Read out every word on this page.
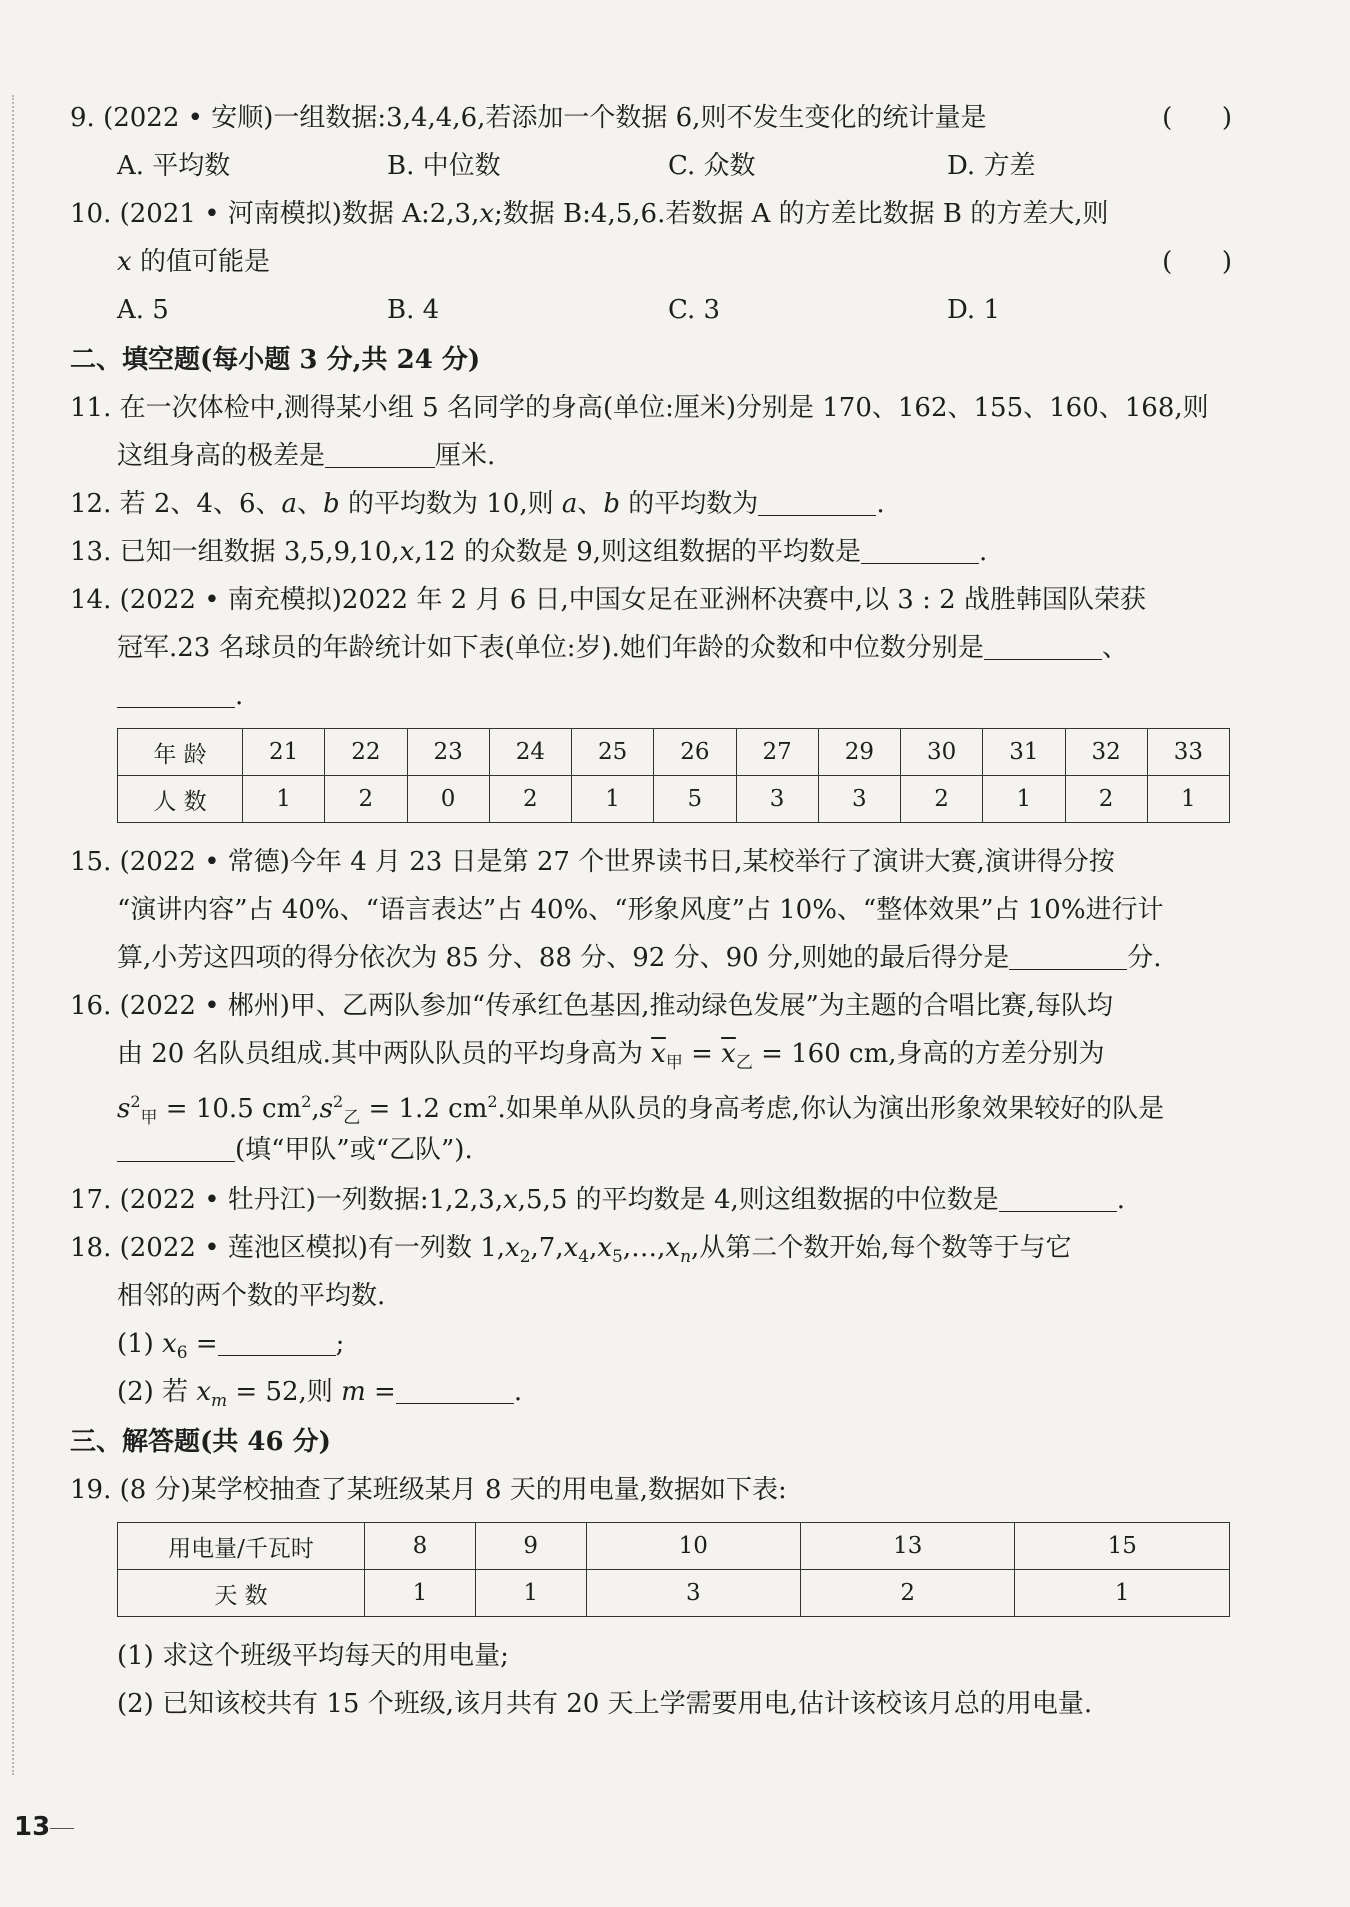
9. (2022 • 安顺)一组数据:3,4,4,6,若添加一个数据 6,则不发生变化的统计量是	(      )
A. 平均数	B. 中位数	C. 众数	D. 方差
10. (2021 • 河南模拟)数据 A:2,3,x;数据 B:4,5,6.若数据 A 的方差比数据 B 的方差大,则
x 的值可能是	(      )
A. 5	B. 4	C. 3	D. 1
二、填空题(每小题 3 分,共 24 分)
11. 在一次体检中,测得某小组 5 名同学的身高(单位:厘米)分别是 170、162、155、160、168,则
这组身高的极差是	厘米.
12. 若 2、4、6、a、b 的平均数为 10,则 a、b 的平均数为	.
13. 已知一组数据 3,5,9,10,x,12 的众数是 9,则这组数据的平均数是	.
14. (2022 • 南充模拟)2022 年 2 月 6 日,中国女足在亚洲杯决赛中,以 3 : 2 战胜韩国队荣获
冠军.23 名球员的年龄统计如下表(单位:岁).她们年龄的众数和中位数分别是	、
.
年 龄	21	22	23	24	25	26	27	29	30	31	32	33
人 数	1	2	0	2	1	5	3	3	2	1	2	1
15. (2022 • 常德)今年 4 月 23 日是第 27 个世界读书日,某校举行了演讲大赛,演讲得分按
“演讲内容”占 40%、“语言表达”占 40%、“形象风度”占 10%、“整体效果”占 10%进行计
算,小芳这四项的得分依次为 85 分、88 分、92 分、90 分,则她的最后得分是	分.
16. (2022 • 郴州)甲、乙两队参加“传承红色基因,推动绿色发展”为主题的合唱比赛,每队均
由 20 名队员组成.其中两队队员的平均身高为 $\overline{x}_甲 = \overline{x}_乙 = 160$ cm,身高的方差分别为
$s^2_甲 = 10.5$ $cm^2,s^2_乙 = 1.2$ $cm^2$.如果单从队员的身高考虑,你认为演出形象效果较好的队是
(填“甲队”或“乙队”).
17. (2022 • 牡丹江)一列数据:1,2,3,x,5,5 的平均数是 4,则这组数据的中位数是	.
18. (2022 • 莲池区模拟)有一列数 $1,x_2,7,x_4,x_5,\dots,x_n$,从第二个数开始,每个数等于与它
相邻的两个数的平均数.
(1) $x_6$ =	;
(2) 若 $x_m = 52$,则 m =	.
三、解答题(共 46 分)
19. (8 分)某学校抽查了某班级某月 8 天的用电量,数据如下表:
用电量/千瓦时	8	9	10	13	15
天 数	1	1	3	2	1
(1) 求这个班级平均每天的用电量;
(2) 已知该校共有 15 个班级,该月共有 20 天上学需要用电,估计该校该月总的用电量.
13
